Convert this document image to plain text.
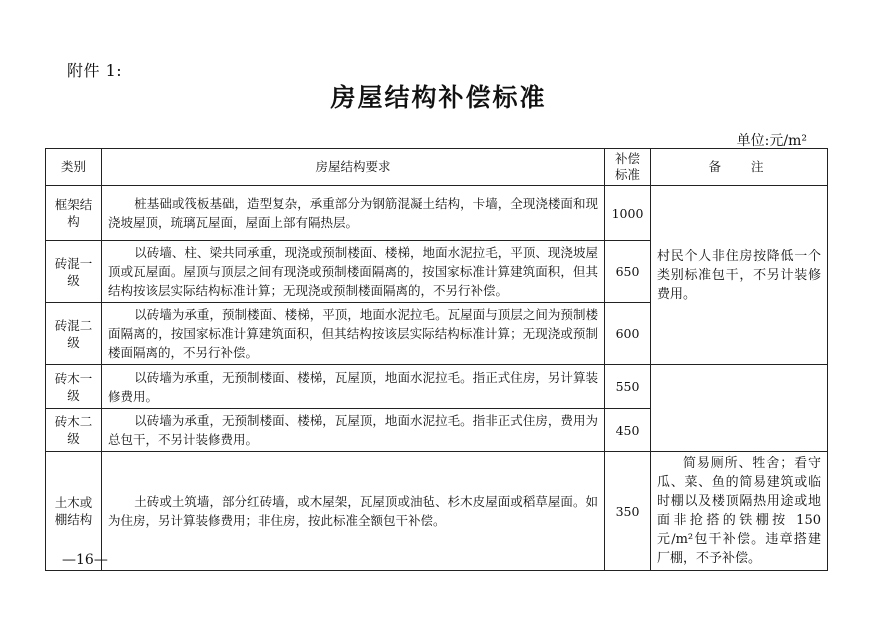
附件 1:
房屋结构补偿标准
单位:元/m²
类别	房屋结构要求	补偿标准	备注
框架结构	桩基础或筏板基础，造型复杂，承重部分为钢筋混凝土结构，卡墙，全现浇楼面和现浇坡屋顶，琉璃瓦屋面，屋面上部有隔热层。	1000	村民个人非住房按降低一个类别标准包干，不另计装修费用。
砖混一级	以砖墙、柱、梁共同承重，现浇或预制楼面、楼梯，地面水泥拉毛，平顶、现浇坡屋顶或瓦屋面。屋顶与顶层之间有现浇或预制楼面隔离的，按国家标准计算建筑面积，但其结构按该层实际结构标准计算；无现浇或预制楼面隔离的，不另行补偿。	650	
砖混二级	以砖墙为承重，预制楼面、楼梯，平顶，地面水泥拉毛。瓦屋面与顶层之间为预制楼面隔离的，按国家标准计算建筑面积，但其结构按该层实际结构标准计算；无现浇或预制楼面隔离的，不另行补偿。	600	
砖木一级	以砖墙为承重，无预制楼面、楼梯，瓦屋顶，地面水泥拉毛。指正式住房，另计算装修费用。	550	
砖木二级	以砖墙为承重，无预制楼面、楼梯，瓦屋顶，地面水泥拉毛。指非正式住房，费用为总包干，不另计装修费用。	450	
土木或棚结构	土砖或土筑墙，部分红砖墙，或木屋架，瓦屋顶或油毡、杉木皮屋面或稻草屋面。如为住房，另计算装修费用；非住房，按此标准全额包干补偿。	350	简易厕所、牲舍；看守瓜、菜、鱼的简易建筑或临时棚以及楼顶隔热用途或地面非抢搭的铁棚按 150 元/m²包干补偿。违章搭建厂棚，不予补偿。
—16—
